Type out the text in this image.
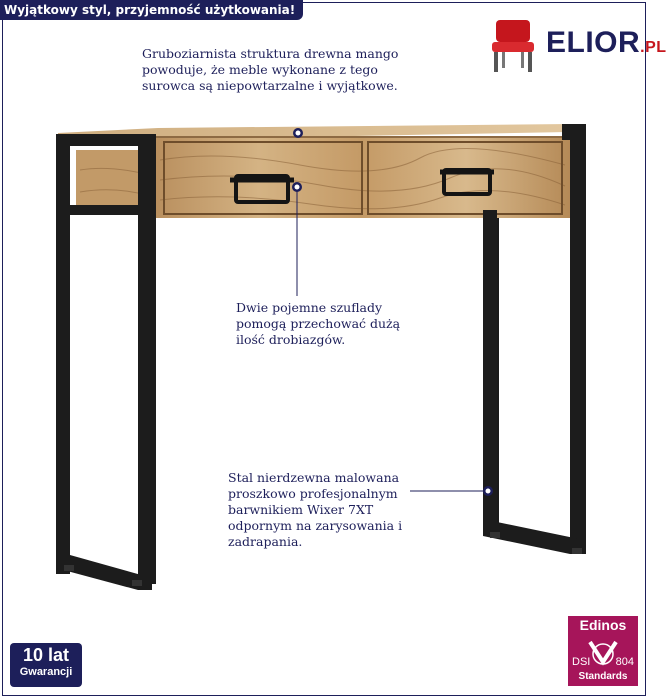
Wyjątkowy styl, przyjemność użytkowania!
ELIOR.PL
Gruboziarnista struktura drewna mango
powoduje, że meble wykonane z tego
surowca są niepowtarzalne i wyjątkowe.
Dwie pojemne szuflady
pomogą przechować dużą
ilość drobiazgów.
Stal nierdzewna malowana
proszkowo profesjonalnym
barwnikiem Wixer 7XT
odpornym na zarysowania i
zadrapania.
10 lat
Gwarancji
Edinos
DSI 804
Standards
